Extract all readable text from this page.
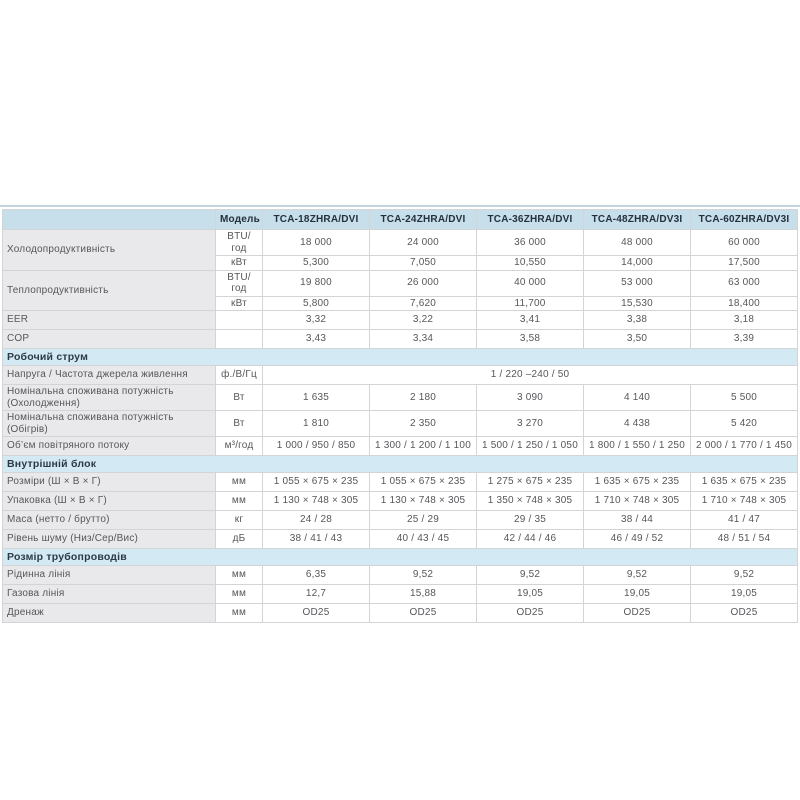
	Модель	TCA-18ZHRA/DVI	TCA-24ZHRA/DVI	TCA-36ZHRA/DVI	TCA-48ZHRA/DV3I	TCA-60ZHRA/DV3I
Холодопродуктивність	BTU/год	18 000	24 000	36 000	48 000	60 000
	кВт	5,300	7,050	10,550	14,000	17,500
Теплопродуктивність	BTU/год	19 800	26 000	40 000	53 000	63 000
	кВт	5,800	7,620	11,700	15,530	18,400
EER		3,32	3,22	3,41	3,38	3,18
COP		3,43	3,34	3,58	3,50	3,39
Робочий струм						
Напруга / Частота джерела живлення	ф./В/Гц	1 / 220 –240 / 50				
Номінальна споживана потужність (Охолодження)	Вт	1 635	2 180	3 090	4 140	5 500
Номінальна споживана потужність (Обігрів)	Вт	1 810	2 350	3 270	4 438	5 420
Об’єм повітряного потоку	м³/год	1 000 / 950 / 850	1 300 / 1 200 / 1 100	1 500 / 1 250 / 1 050	1 800 / 1 550 / 1 250	2 000 / 1 770 / 1 450
Внутрішній блок						
Розміри (Ш × В × Г)	мм	1 055 × 675 × 235	1 055 × 675 × 235	1 275 × 675 × 235	1 635 × 675 × 235	1 635 × 675 × 235
Упаковка (Ш × В × Г)	мм	1 130 × 748 × 305	1 130 × 748 × 305	1 350 × 748 × 305	1 710 × 748 × 305	1 710 × 748 × 305
Маса (нетто / брутто)	кг	24 / 28	25 / 29	29 / 35	38 / 44	41 / 47
Рівень шуму (Низ/Сер/Вис)	дБ	38 / 41 / 43	40 / 43 / 45	42 / 44 / 46	46 / 49 / 52	48 / 51 / 54
Розмір трубопроводів						
Рідинна лінія	мм	6,35	9,52	9,52	9,52	9,52
Газова лінія	мм	12,7	15,88	19,05	19,05	19,05
Дренаж	мм	OD25	OD25	OD25	OD25	OD25
